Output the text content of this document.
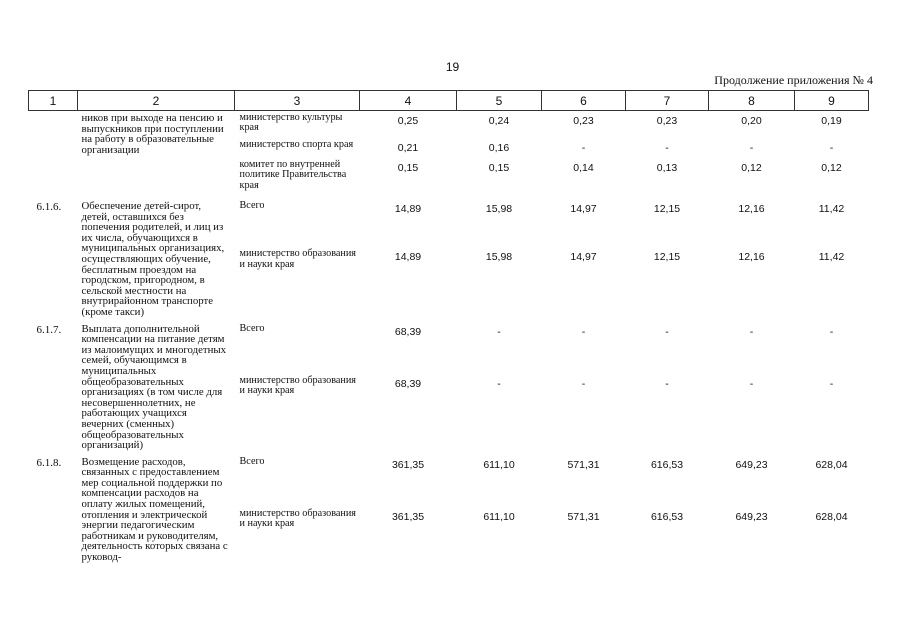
19
Продолжение приложения № 4
1	2	3	4	5	6	7	8	9
	ников при выходе на пенсию и выпускников при поступлении на работу в образовательные организации	министерство культуры края	0,25	0,24	0,23	0,23	0,20	0,19
		министерство спорта края	0,21	0,16	-	-	-	-
		комитет по внутренней политике Правительства края	0,15	0,15	0,14	0,13	0,12	0,12
6.1.6.	Обеспечение детей-сирот, детей, оставшихся без попечения родителей, и лиц из их числа, обучающихся в муниципальных организациях, осуществляющих обучение, бесплатным проездом на городском, пригородном, в сельской местности на внутрирайонном транспорте (кроме такси)	Всего	14,89	15,98	14,97	12,15	12,16	11,42
		министерство образования и науки края	14,89	15,98	14,97	12,15	12,16	11,42
6.1.7.	Выплата дополнительной компенсации на питание детям из малоимущих и многодетных семей, обучающимся в муниципальных общеобразовательных организациях (в том числе для несовершеннолетних, не работающих учащихся вечерних (сменных) общеобразовательных организаций)	Всего	68,39	-	-	-	-	-
		министерство образования и науки края	68,39	-	-	-	-	-
6.1.8.	Возмещение расходов, связанных с предоставлением мер социальной поддержки по компенсации расходов на оплату жилых помещений, отопления и электрической энергии педагогическим работникам и руководителям, деятельность которых связана с руковод-	Всего	361,35	611,10	571,31	616,53	649,23	628,04
		министерство образования и науки края	361,35	611,10	571,31	616,53	649,23	628,04
